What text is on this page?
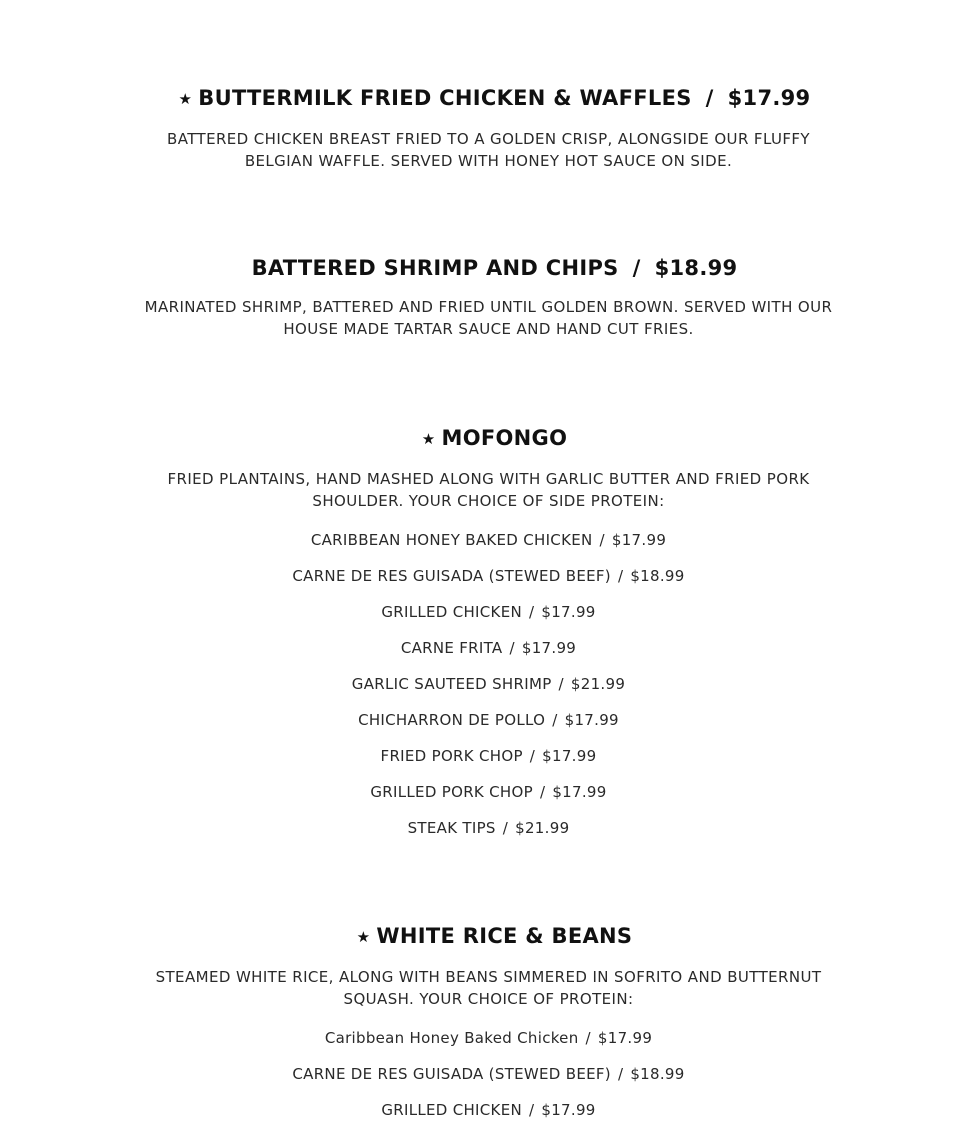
★ BUTTERMILK FRIED CHICKEN & WAFFLES / $17.99

BATTERED CHICKEN BREAST FRIED TO A GOLDEN CRISP, ALONGSIDE OUR FLUFFY BELGIAN WAFFLE. SERVED WITH HONEY HOT SAUCE ON SIDE.

BATTERED SHRIMP AND CHIPS / $18.99

MARINATED SHRIMP, BATTERED AND FRIED UNTIL GOLDEN BROWN. SERVED WITH OUR HOUSE MADE TARTAR SAUCE AND HAND CUT FRIES.

★ MOFONGO

FRIED PLANTAINS, HAND MASHED ALONG WITH GARLIC BUTTER AND FRIED PORK SHOULDER. YOUR CHOICE OF SIDE PROTEIN:

CARIBBEAN HONEY BAKED CHICKEN / $17.99
CARNE DE RES GUISADA (STEWED BEEF) / $18.99
GRILLED CHICKEN / $17.99
CARNE FRITA / $17.99
GARLIC SAUTEED SHRIMP / $21.99
CHICHARRON DE POLLO / $17.99
FRIED PORK CHOP / $17.99
GRILLED PORK CHOP / $17.99
STEAK TIPS / $21.99
★ WHITE RICE & BEANS

STEAMED WHITE RICE, ALONG WITH BEANS SIMMERED IN SOFRITO AND BUTTERNUT SQUASH. YOUR CHOICE OF PROTEIN:

Caribbean Honey Baked Chicken / $17.99
CARNE DE RES GUISADA (STEWED BEEF) / $18.99
GRILLED CHICKEN / $17.99
